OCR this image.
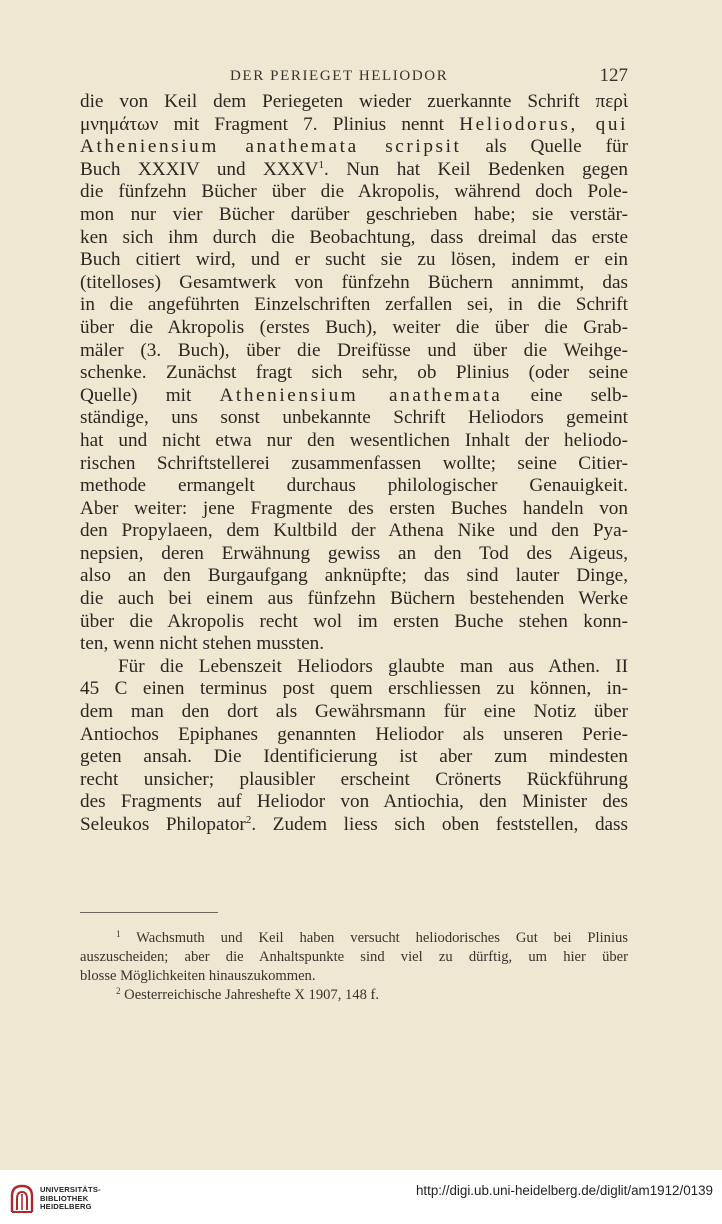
DER PERIEGET HELIODOR	127
die von Keil dem Periegeten wieder zuerkannte Schrift περὶ
μνημάτων mit Fragment 7. Plinius nennt Heliodorus, qui
Atheniensium anathemata scripsit als Quelle für
Buch XXXIV und XXXV$^1$. Nun hat Keil Bedenken gegen
die fünfzehn Bücher über die Akropolis, während doch Pole-
mon nur vier Bücher darüber geschrieben habe; sie verstär-
ken sich ihm durch die Beobachtung, dass dreimal das erste
Buch citiert wird, und er sucht sie zu lösen, indem er ein
(titelloses) Gesamtwerk von fünfzehn Büchern annimmt, das
in die angeführten Einzelschriften zerfallen sei, in die Schrift
über die Akropolis (erstes Buch), weiter die über die Grab-
mäler (3. Buch), über die Dreifüsse und über die Weihge-
schenke. Zunächst fragt sich sehr, ob Plinius (oder seine
Quelle) mit Atheniensium anathemata eine selb-
ständige, uns sonst unbekannte Schrift Heliodors gemeint
hat und nicht etwa nur den wesentlichen Inhalt der heliodo-
rischen Schriftstellerei zusammenfassen wollte; seine Citier-
methode ermangelt durchaus philologischer Genauigkeit.
Aber weiter: jene Fragmente des ersten Buches handeln von
den Propylaeen, dem Kultbild der Athena Nike und den Pya-
nepsien, deren Erwähnung gewiss an den Tod des Aigeus,
also an den Burgaufgang anknüpfte; das sind lauter Dinge,
die auch bei einem aus fünfzehn Büchern bestehenden Werke
über die Akropolis recht wol im ersten Buche stehen konn-
ten, wenn nicht stehen mussten.
Für die Lebenszeit Heliodors glaubte man aus Athen. II
45 C einen terminus post quem erschliessen zu können, in-
dem man den dort als Gewährsmann für eine Notiz über
Antiochos Epiphanes genannten Heliodor als unseren Perie-
geten ansah. Die Identificierung ist aber zum mindesten
recht unsicher; plausibler erscheint Crönerts Rückführung
des Fragments auf Heliodor von Antiochia, den Minister des
Seleukos Philopator$^2$. Zudem liess sich oben feststellen, dass
$^1$ Wachsmuth und Keil haben versucht heliodorisches Gut bei Plinius
auszuscheiden; aber die Anhaltspunkte sind viel zu dürftig, um hier über
blosse Möglichkeiten hinauszukommen.
$^2$ Oesterreichische Jahreshefte X 1907, 148 f.
UNIVERSITÄTS-
BIBLIOTHEK
HEIDELBERG
http://digi.ub.uni-heidelberg.de/diglit/am1912/0139
